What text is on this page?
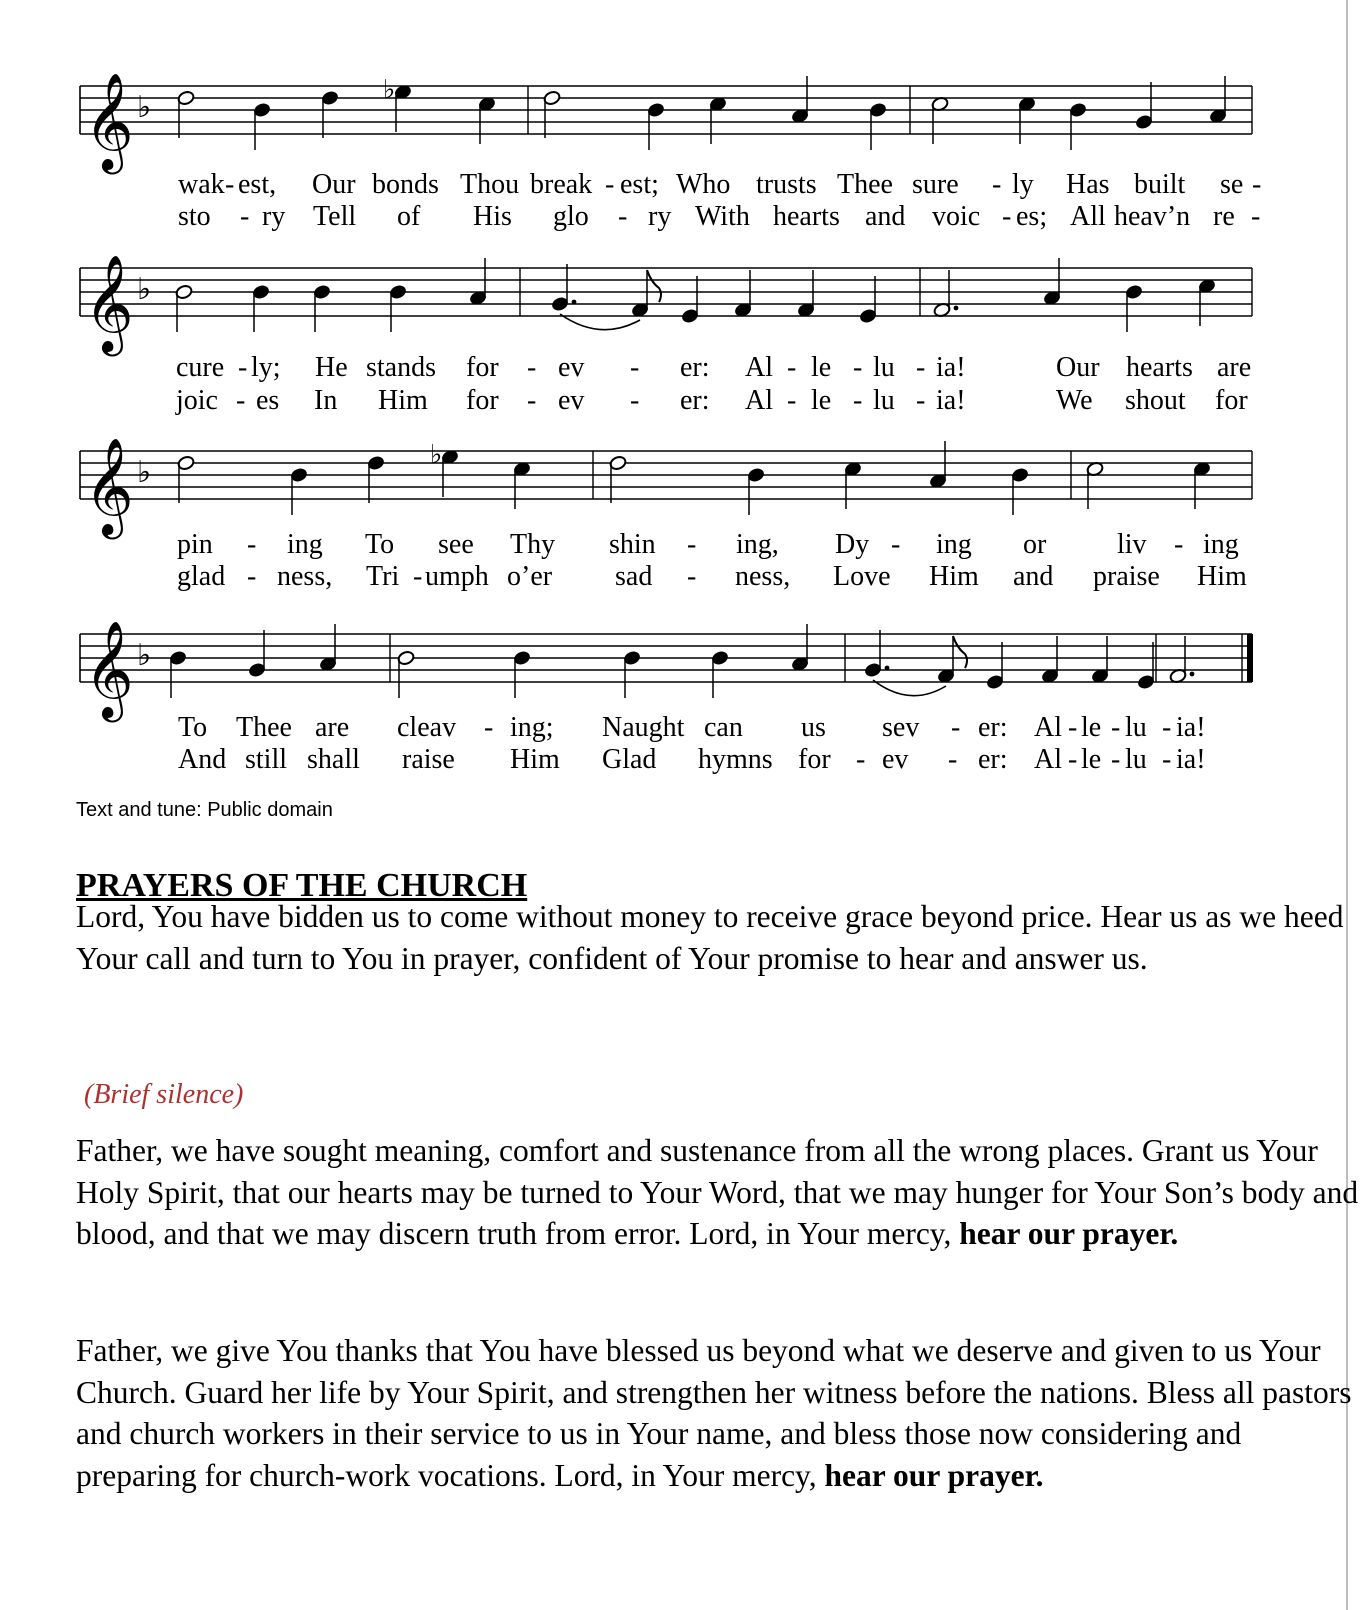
𝄞 ♭	♭
𝄞 ♭
𝄞 ♭	♭
𝄞 ♭
wak - est, Our bonds Thou break - est; Who trusts Thee sure - ly Has built se -
sto - ry Tell of His glo - ry With hearts and voic - es; All heav’n re -
cure - ly; He stands for - ev - er: Al - le - lu - ia!	Our hearts are
joic - es In Him for - ev - er: Al - le - lu - ia!	We shout for
pin - ing To see Thy shin - ing, Dy - ing or	liv - ing
glad - ness, Tri - umph o’er sad - ness, Love Him and praise Him
To Thee are cleav - ing; Naught can us sev - er: Al - le - lu - ia!
And still shall raise Him Glad hymns for - ev - er: Al - le - lu - ia!
Text and tune: Public domain
PRAYERS OF THE CHURCH

Lord, You have bidden us to come without money to receive grace beyond price. Hear us as we heed Your call and turn to You in prayer, confident of Your promise to hear and answer us.

(Brief silence)

Father, we have sought meaning, comfort and sustenance from all the wrong places. Grant us Your Holy Spirit, that our hearts may be turned to Your Word, that we may hunger for Your Son’s body and blood, and that we may discern truth from error. Lord, in Your mercy, hear our prayer.

Father, we give You thanks that You have blessed us beyond what we deserve and given to us Your Church. Guard her life by Your Spirit, and strengthen her witness before the nations. Bless all pastors and church workers in their service to us in Your name, and bless those now considering and preparing for church-work vocations. Lord, in Your mercy, hear our prayer.
